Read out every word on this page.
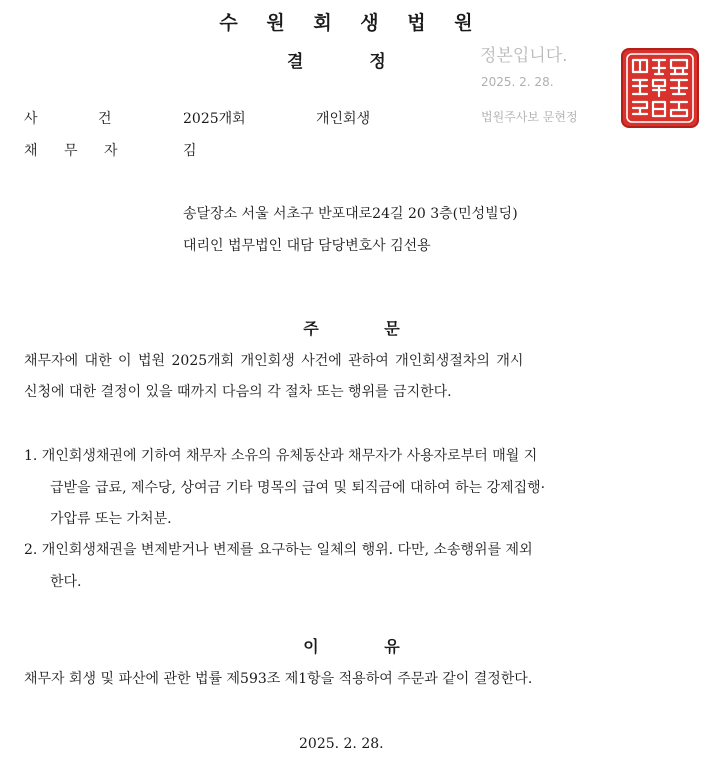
수 원 회 생 법 원
결 정	정본입니다.
2025. 2. 28.
법원주사보 문현정
사 건	2025개회	개인회생
채 무 자	김
송달장소 서울 서초구 반포대로24길 20 3층(민성빌딩)
대리인 법무법인 대담 담당변호사 김선용
주 문
채무자에 대한 이 법원 2025개회 개인회생 사건에 관하여 개인회생절차의 개시
신청에 대한 결정이 있을 때까지 다음의 각 절차 또는 행위를 금지한다.
1. 개인회생채권에 기하여 채무자 소유의 유체동산과 채무자가 사용자로부터 매월 지
급받을 급료, 제수당, 상여금 기타 명목의 급여 및 퇴직금에 대하여 하는 강제집행·
가압류 또는 가처분.
2. 개인회생채권을 변제받거나 변제를 요구하는 일체의 행위. 다만, 소송행위를 제외
한다.
이 유
채무자 회생 및 파산에 관한 법률 제593조 제1항을 적용하여 주문과 같이 결정한다.
2025. 2. 28.
